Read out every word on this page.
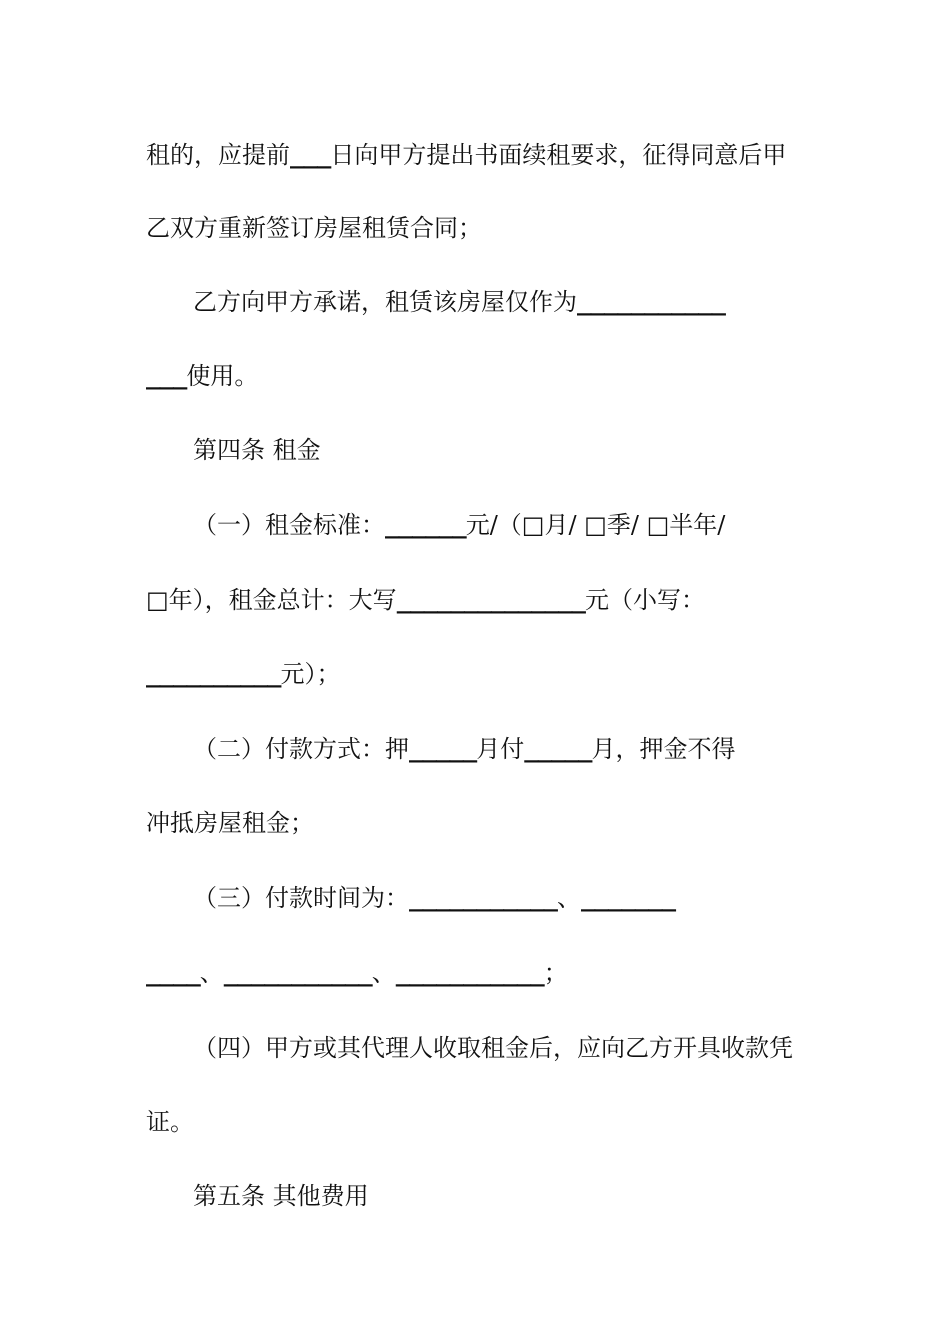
租的，应提前___日向甲方提出书面续租要求，征得同意后甲
乙双方重新签订房屋租赁合同；
乙方向甲方承诺，租赁该房屋仅作为___________
___使用。
第四条 租金
（一）租金标准：______元/（□月/ □季/ □半年/
□年），租金总计：大写______________元（小写：
__________元）；
（二）付款方式：押_____月付_____月，押金不得
冲抵房屋租金；
（三）付款时间为：___________、_______
____、___________、___________；
（四）甲方或其代理人收取租金后，应向乙方开具收款凭
证。
第五条 其他费用
